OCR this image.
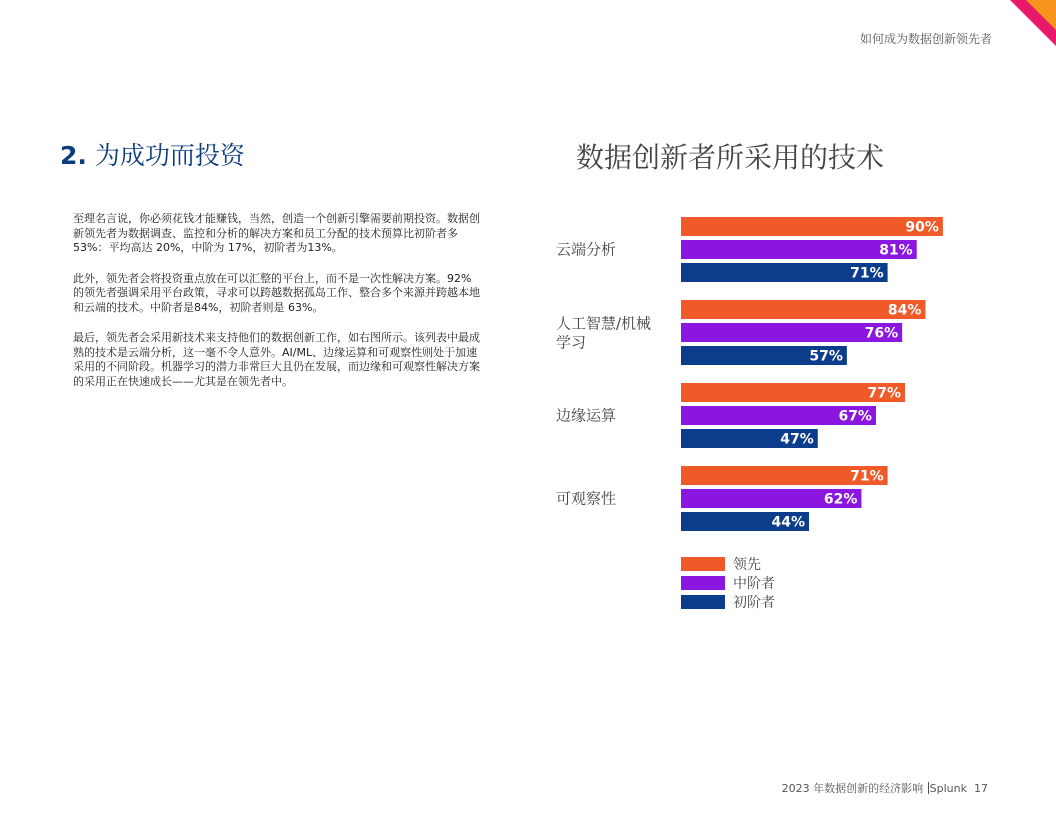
如何成为数据创新领先者
2. 为成功而投资

至理名言说，你必须花钱才能赚钱，当然，创造一个创新引擎需要前期投资。数据创新领先者为数据调查、监控和分析的解决方案和员工分配的技术预算比初阶者多53%：平均高达 20%，中阶为 17%，初阶者为13%。

此外，领先者会将投资重点放在可以汇整的平台上，而不是一次性解决方案。92% 的领先者强调采用平台政策，寻求可以跨越数据孤岛工作、整合多个来源并跨越本地和云端的技术。中阶者是84%，初阶者则是 63%。

最后，领先者会采用新技术来支持他们的数据创新工作，如右图所示。该列表中最成熟的技术是云端分析，这一毫不令人意外。AI/ML、边缘运算和可观察性则处于加速采用的不同阶段。机器学习的潜力非常巨大且仍在发展，而边缘和可观察性解决方案的采用正在快速成长——尤其是在领先者中。

数据创新者所采用的技术
云端分析
90%
81%
71%
人工智慧/机械
学习
84%
76%
57%
边缘运算
77%
67%
47%
可观察性
71%
62%
44%
领先
中阶者
初阶者
2023 年数据创新的经济影响 Splunk 17
